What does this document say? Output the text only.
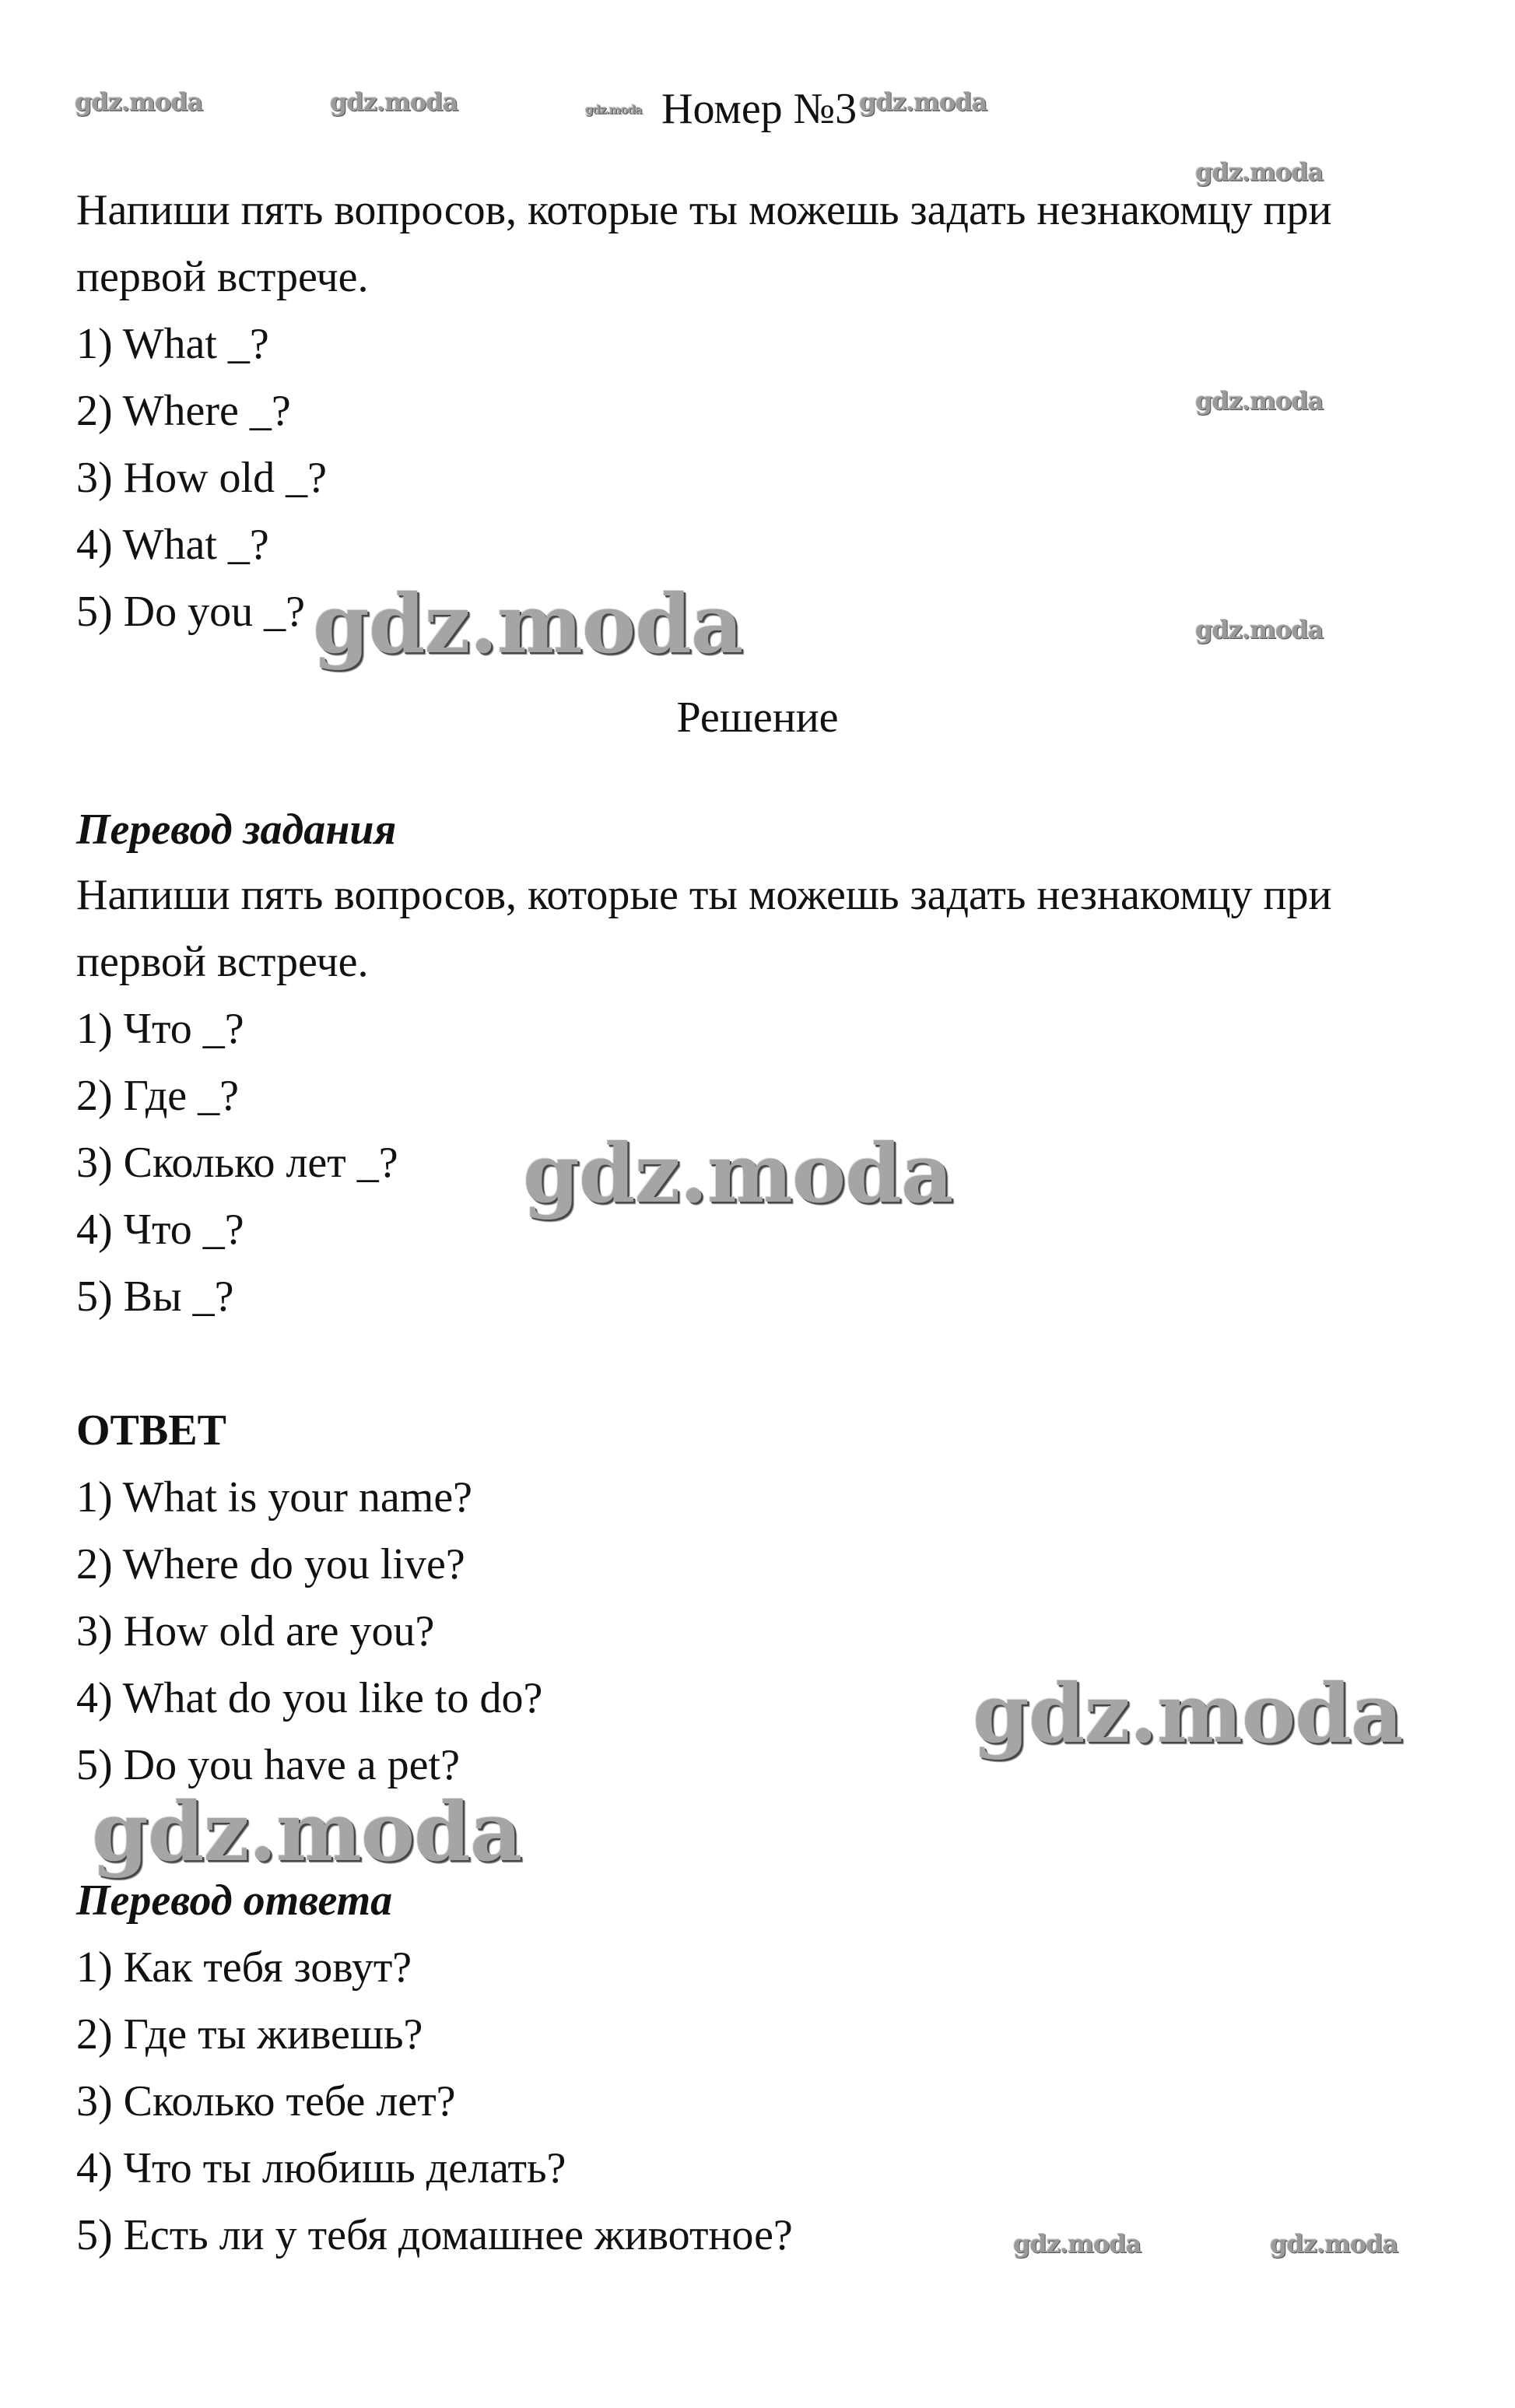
gdz.moda	gdz.moda	gdz.moda Номер №3 gdz.moda
gdz.moda
Напиши пять вопросов, которые ты можешь задать незнакомцу при
первой встрече.
1) What _?
2) Where _?	gdz.moda
3) How old _?
4) What _?
5) Do you _? gdz.moda	gdz.moda
Решение
Перевод задания
Напиши пять вопросов, которые ты можешь задать незнакомцу при
первой встрече.
1) Что _?
2) Где _?
3) Сколько лет _? gdz.moda
4) Что _?
5) Вы _?
ОТВЕТ
1) What is your name?
2) Where do you live?
3) How old are you?
4) What do you like to do?	gdz.moda
5) Do you have a pet?
gdz.moda
Перевод ответа
1) Как тебя зовут?
2) Где ты живешь?
3) Сколько тебе лет?
4) Что ты любишь делать?
5) Есть ли у тебя домашнее животное?	gdz.moda	gdz.moda
